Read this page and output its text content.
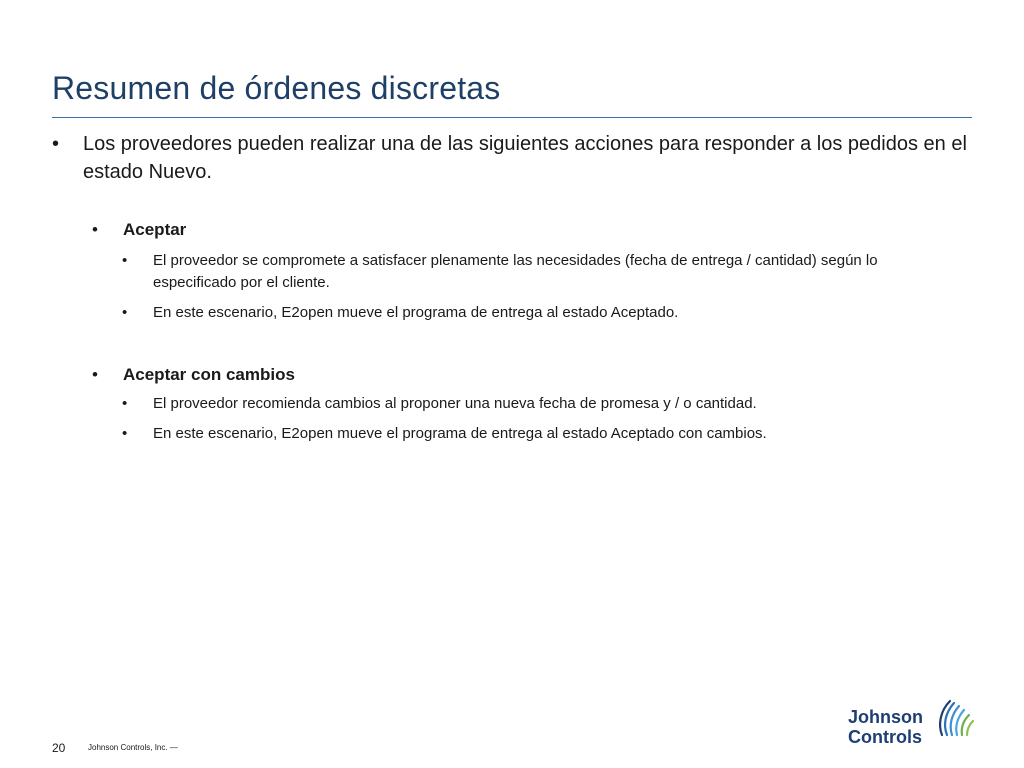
Resumen de órdenes discretas
• Los proveedores pueden realizar una de las siguientes acciones para responder a los pedidos en el estado Nuevo.
• Aceptar
• El proveedor se compromete a satisfacer plenamente las necesidades (fecha de entrega / cantidad) según lo especificado por el cliente.
• En este escenario, E2open mueve el programa de entrega al estado Aceptado.
• Aceptar con cambios
• El proveedor recomienda cambios al proponer una nueva fecha de promesa y / o cantidad.
• En este escenario, E2open mueve el programa de entrega al estado Aceptado con cambios.
20	Johnson Controls, Inc. —
Johnson
Controls
